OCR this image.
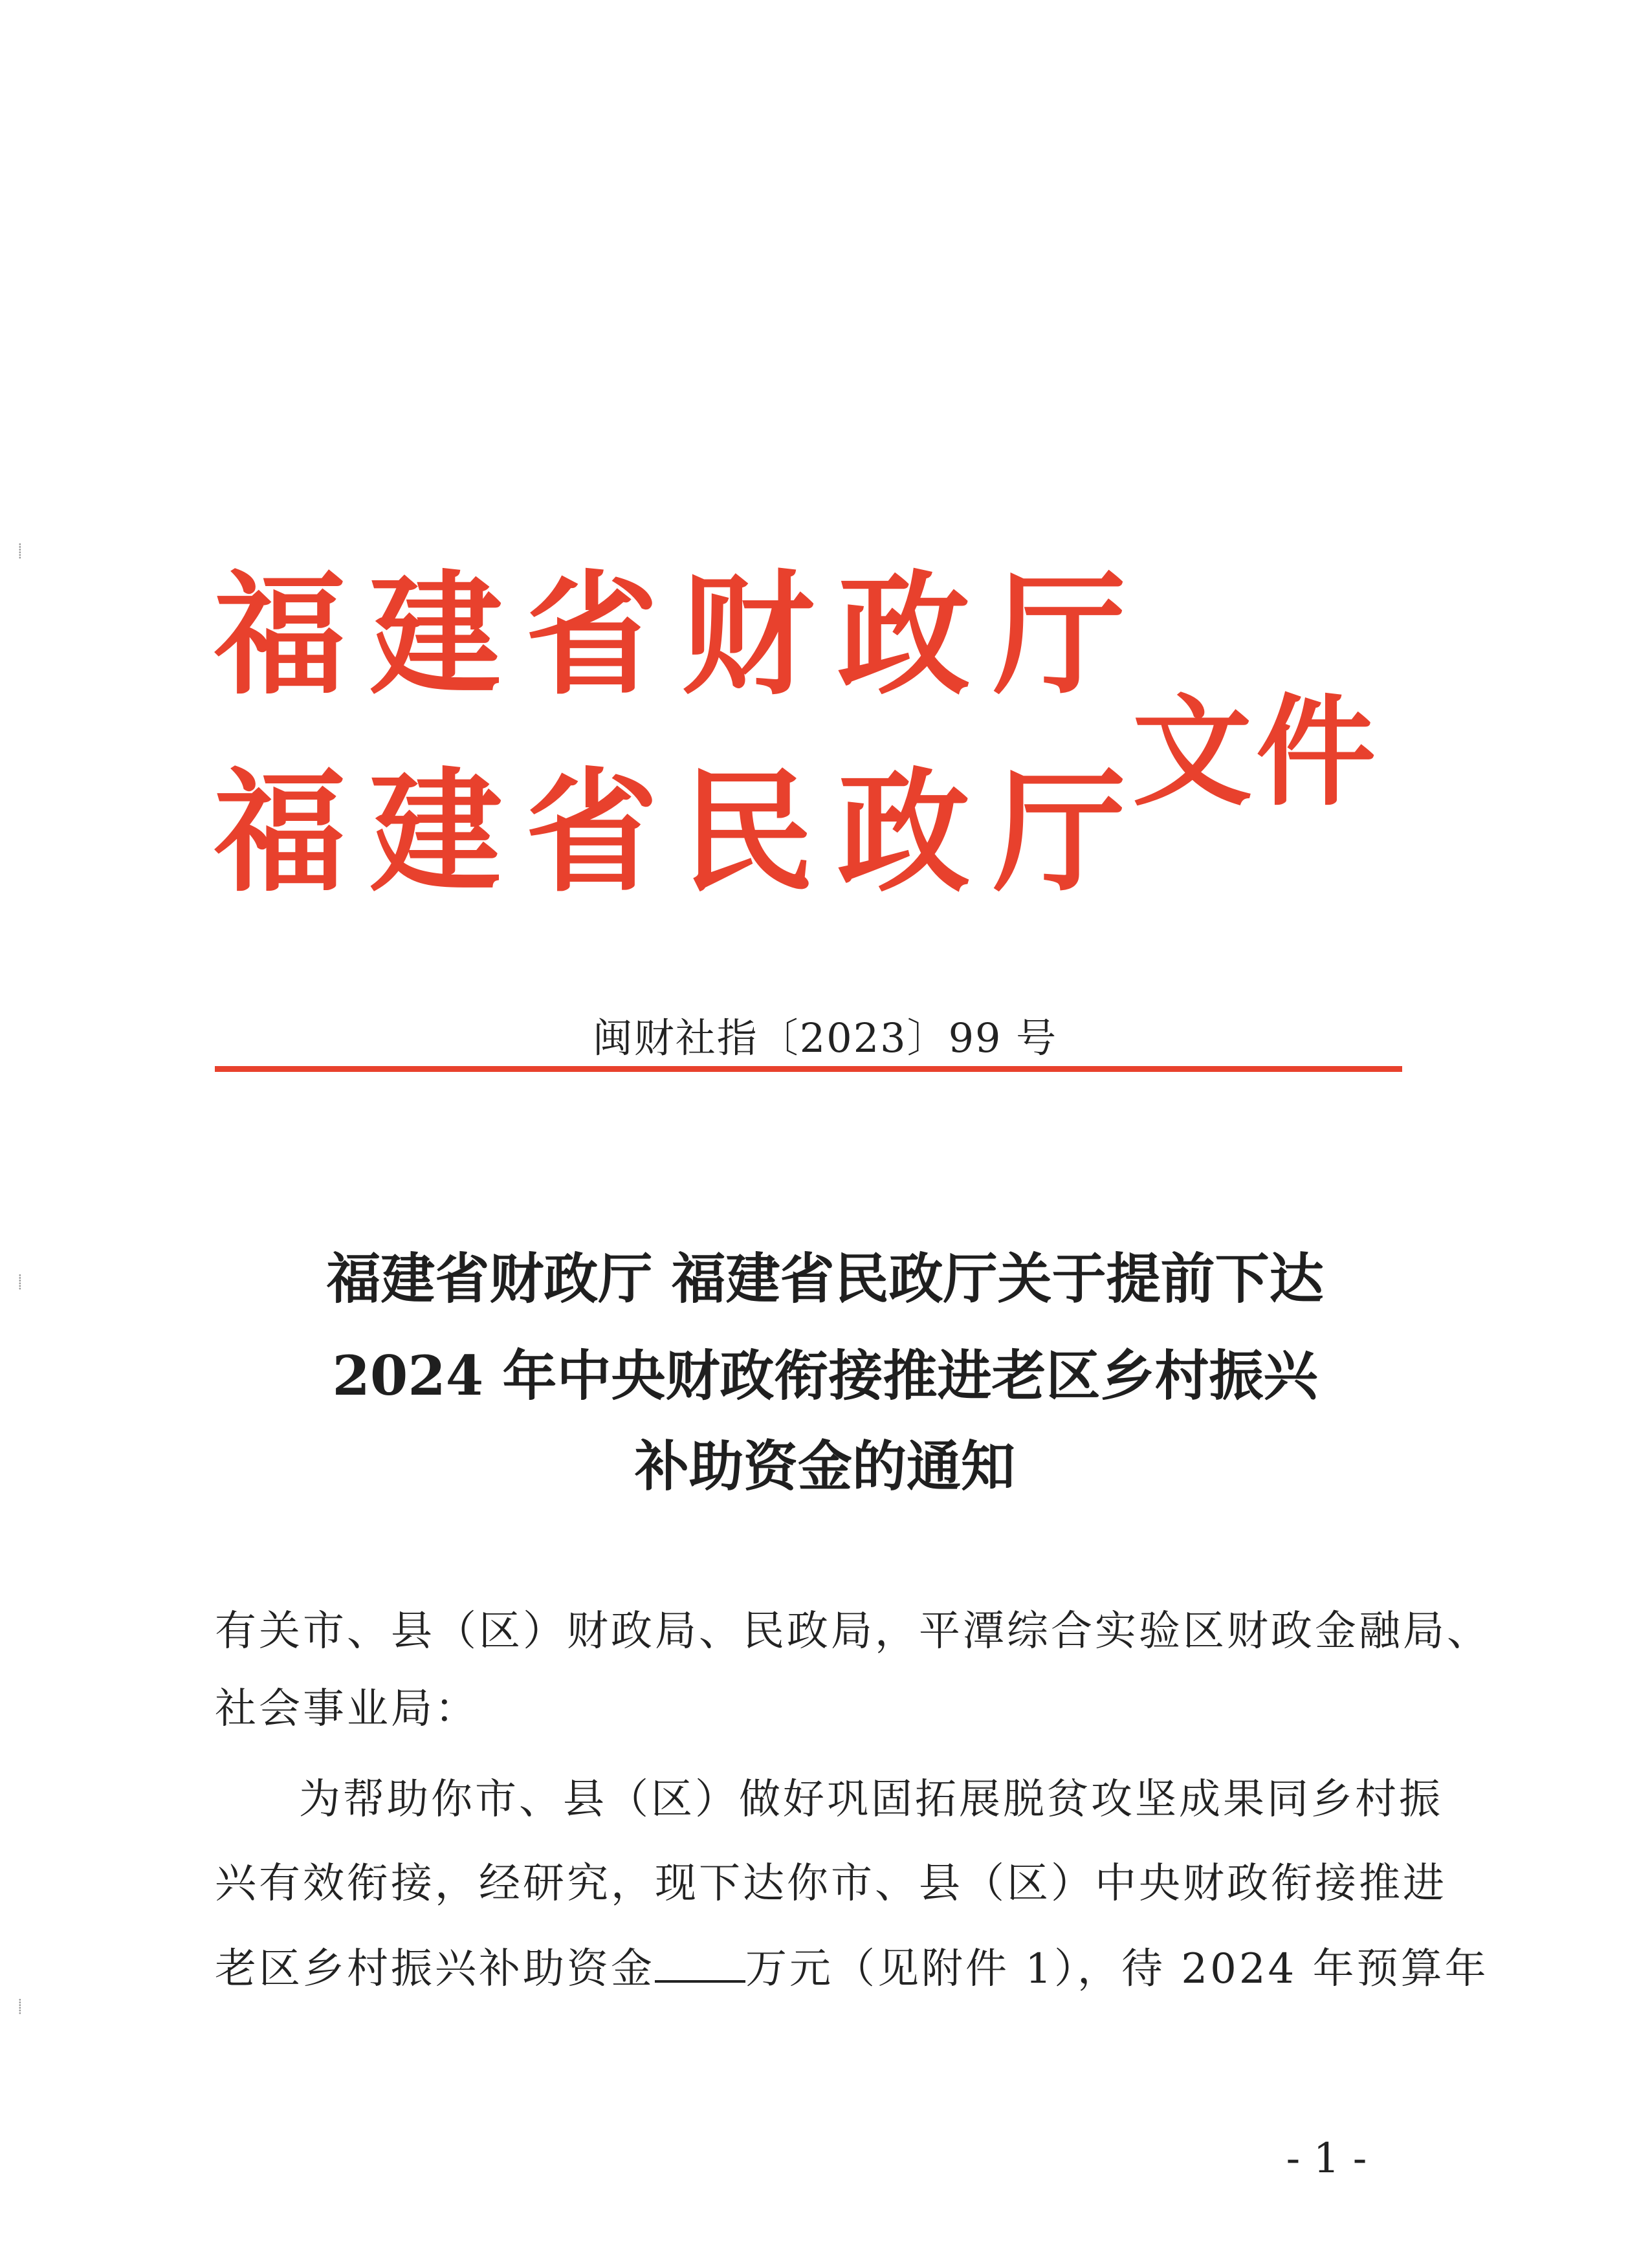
⸽
⸽
⸽
福建省财政厅
福建省民政厅
文件
闽财社指〔2023〕99 号
福建省财政厅 福建省民政厅关于提前下达
2024 年中央财政衔接推进老区乡村振兴
补助资金的通知
有关市、县（区）财政局、民政局，平潭综合实验区财政金融局、
社会事业局：
为帮助你市、县（区）做好巩固拓展脱贫攻坚成果同乡村振
兴有效衔接，经研究，现下达你市、县（区）中央财政衔接推进
老区乡村振兴补助资金 万元（见附件 1），待 2024 年预算年
- 1 -
